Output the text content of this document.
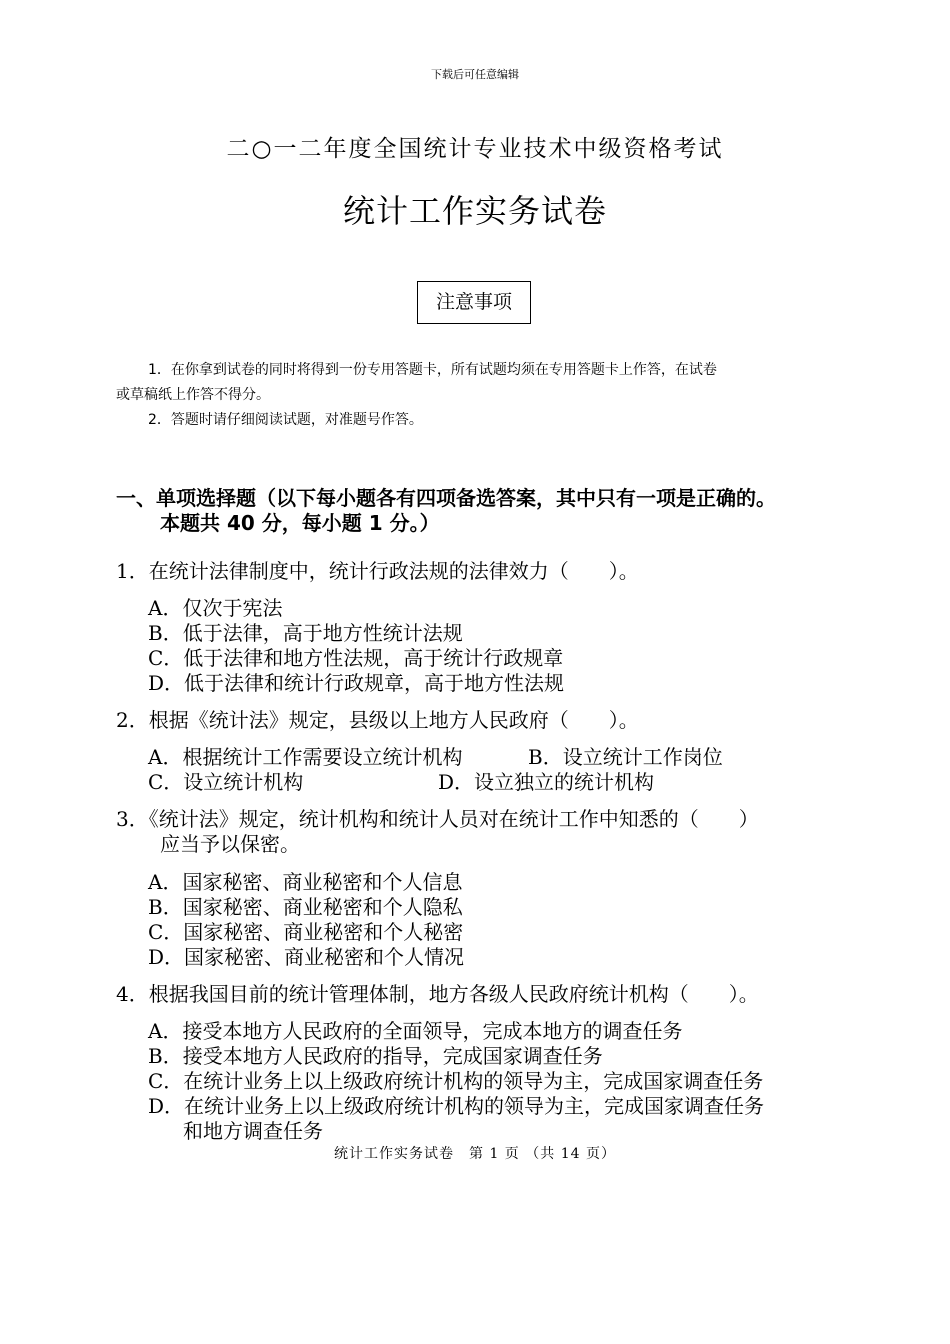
下载后可任意编辑
二○一二年度全国统计专业技术中级资格考试
统计工作实务试卷
注意事项
1．在你拿到试卷的同时将得到一份专用答题卡，所有试题均须在专用答题卡上作答，在试卷
或草稿纸上作答不得分。
2．答题时请仔细阅读试题，对准题号作答。
一、单项选择题（以下每小题各有四项备选答案，其中只有一项是正确的。
本题共 40 分，每小题 1 分。）
1．在统计法律制度中，统计行政法规的法律效力（　　）。
A．仅次于宪法
B．低于法律，高于地方性统计法规
C．低于法律和地方性法规，高于统计行政规章
D．低于法律和统计行政规章，高于地方性法规
2．根据《统计法》规定，县级以上地方人民政府（　　）。
A．根据统计工作需要设立统计机构	B．设立统计工作岗位
C．设立统计机构	D．设立独立的统计机构
3．《统计法》规定，统计机构和统计人员对在统计工作中知悉的（　　）
应当予以保密。
A．国家秘密、商业秘密和个人信息
B．国家秘密、商业秘密和个人隐私
C．国家秘密、商业秘密和个人秘密
D．国家秘密、商业秘密和个人情况
4．根据我国目前的统计管理体制，地方各级人民政府统计机构（　　）。
A．接受本地方人民政府的全面领导，完成本地方的调查任务
B．接受本地方人民政府的指导，完成国家调查任务
C．在统计业务上以上级政府统计机构的领导为主，完成国家调查任务
D．在统计业务上以上级政府统计机构的领导为主，完成国家调查任务
和地方调查任务
统计工作实务试卷　第 1 页 （共 14 页）
